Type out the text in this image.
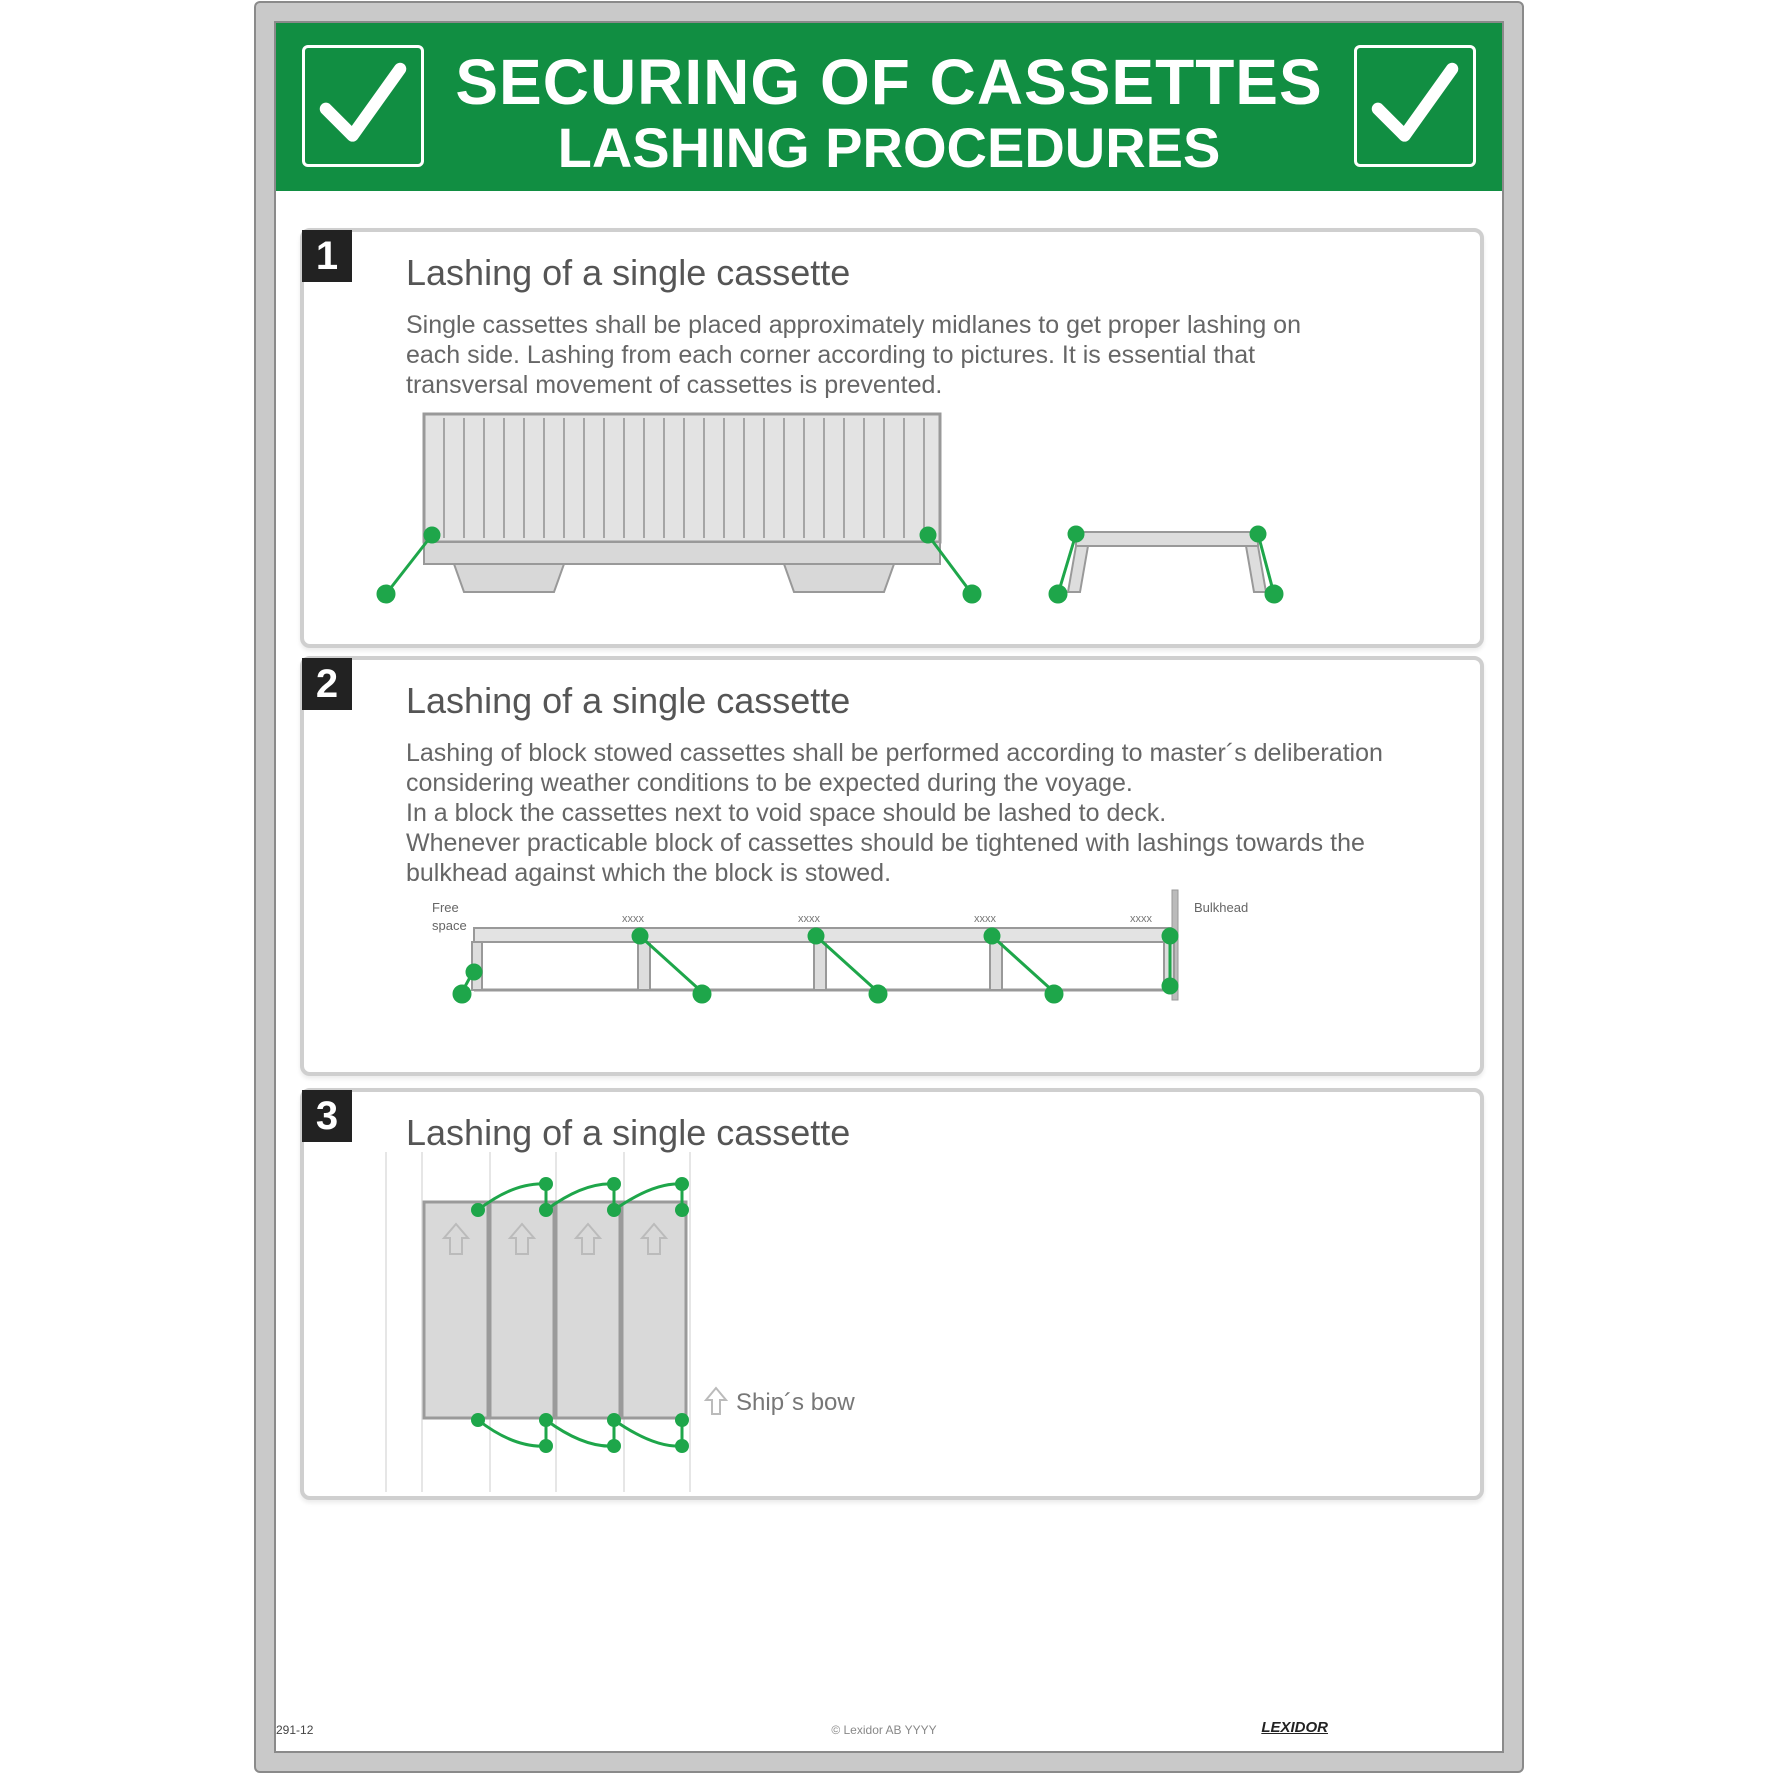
SECURING OF CASSETTES
LASHING PROCEDURES
1	Lashing of a single cassette
Single cassettes shall be placed approximately midlanes to get proper lashing on
each side. Lashing from each corner according to pictures. It is essential that
transversal movement of cassettes is prevented.
2	Lashing of a single cassette
Lashing of block stowed cassettes shall be performed according to master´s deliberation
considering weather conditions to be expected during the voyage.
In a block the cassettes next to void space should be lashed to deck.
Whenever practicable block of cassettes should be tightened with lashings towards the
bulkhead against which the block is stowed.
Free
space
Bulkhead
xxxx	xxxx	xxxx	xxxx
3	Lashing of a single cassette
Ship´s bow
291-12	© Lexidor AB YYYY	LEXIDOR
